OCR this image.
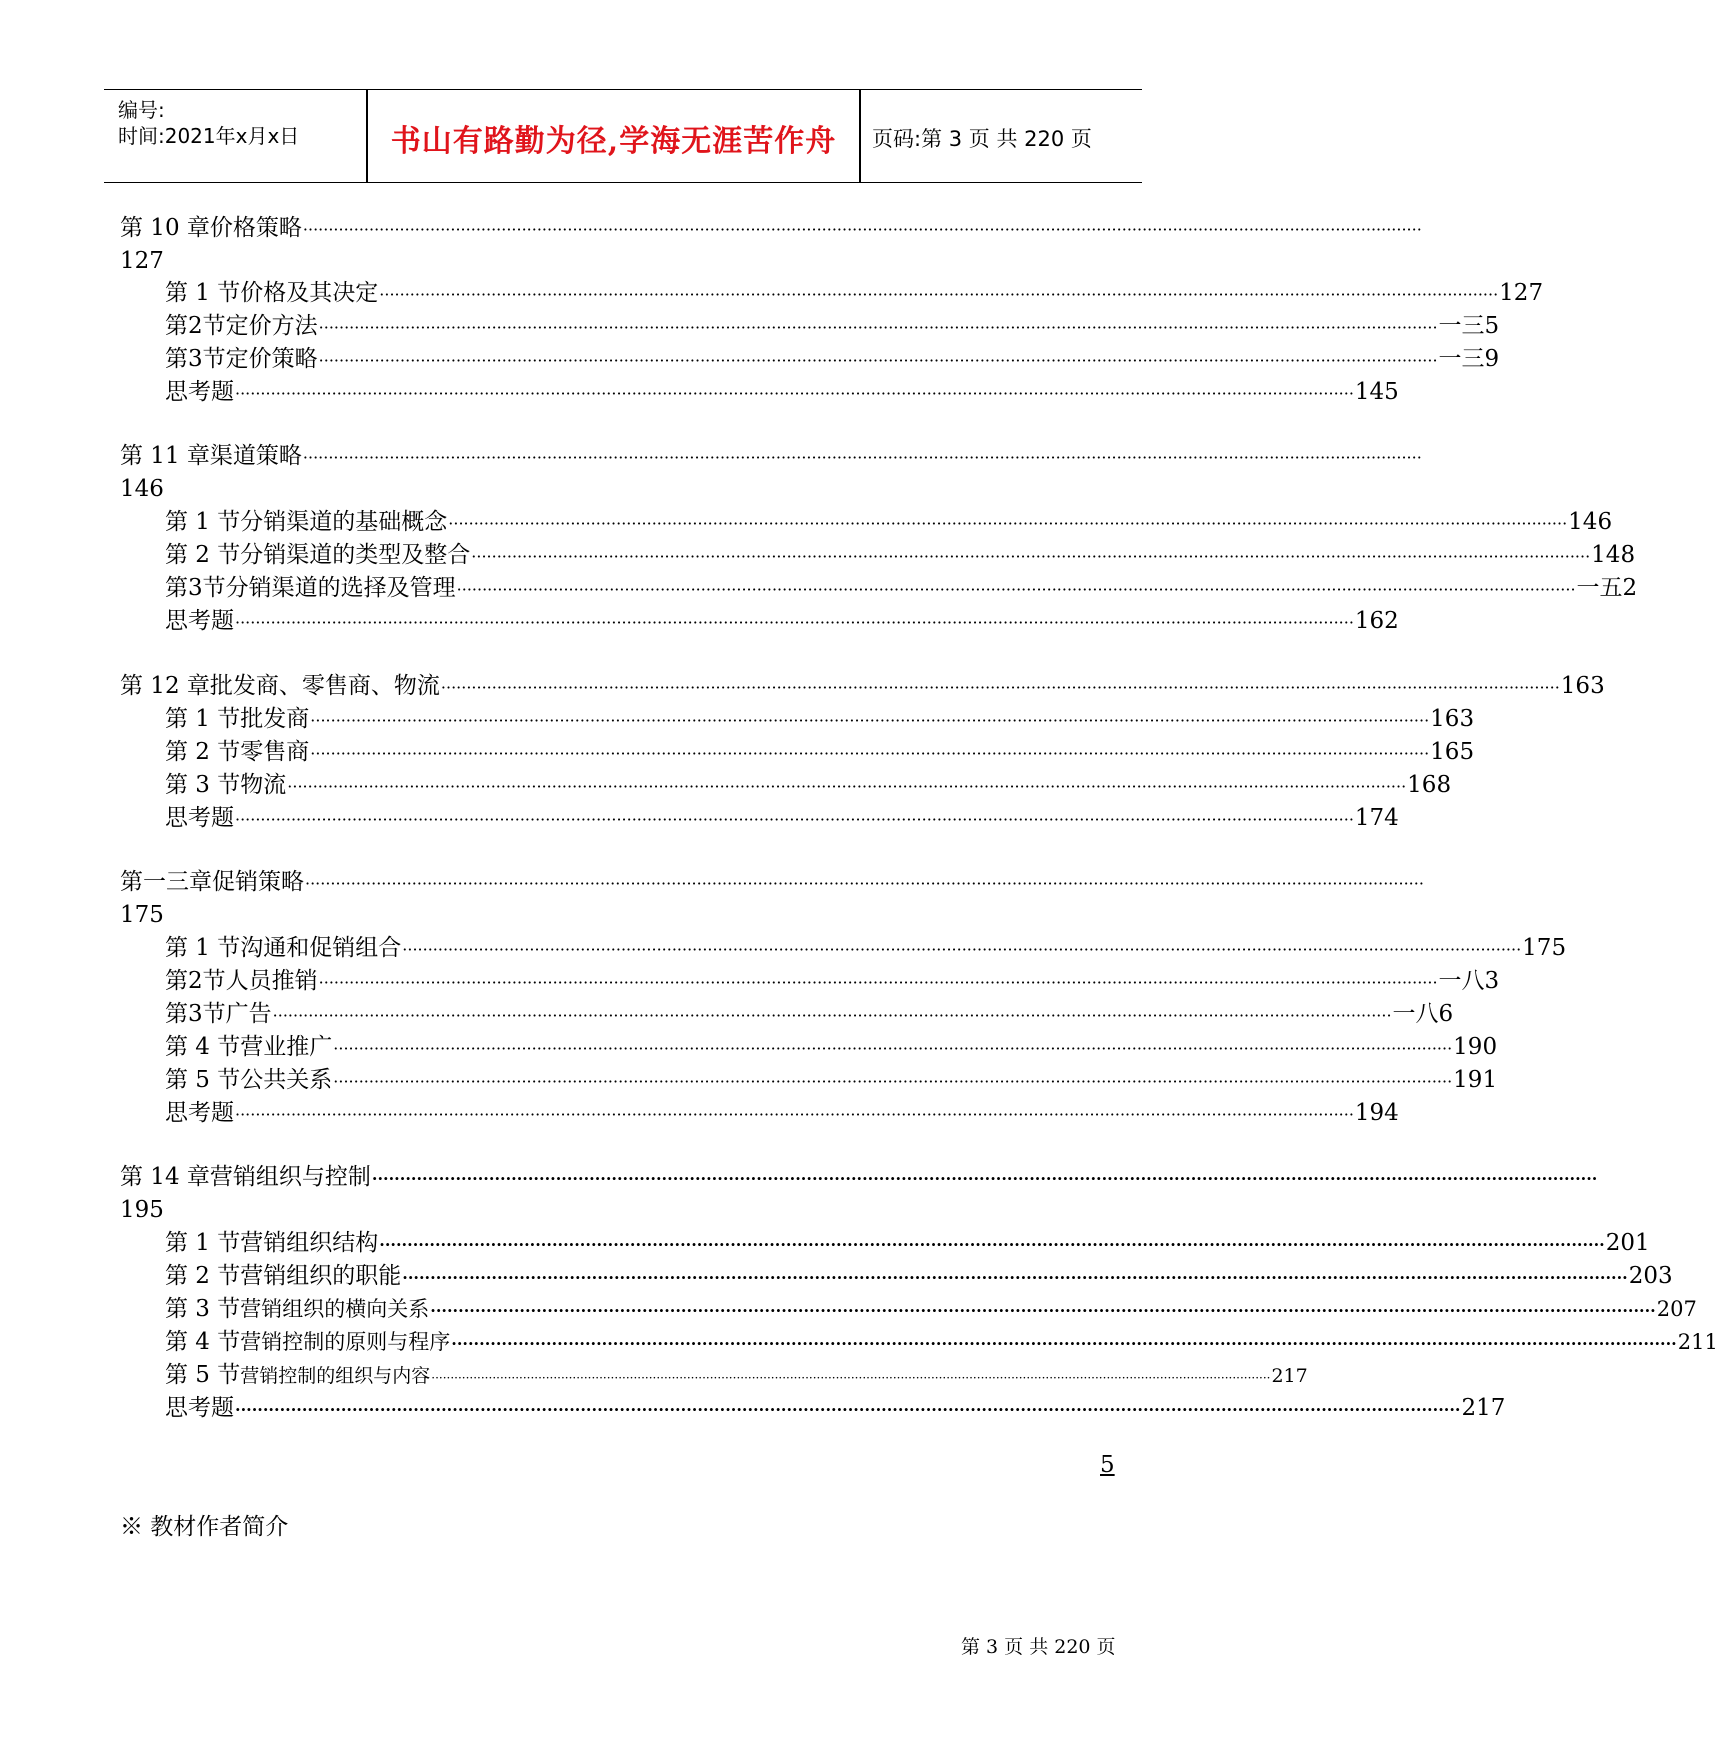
编号:
时间:2021年x月x日	书山有路勤为径,学海无涯苦作舟	页码:第 3 页 共 220 页
第 10 章 价格策略 ····························································································································································································································
127
第 1 节 价格及其决定 ···························································································································································································································· 127
第2节 定价方法 ···························································································································································································································· 一三5
第3节 定价策略 ···························································································································································································································· 一三9
思考题 ···························································································································································································································· 145
第 11 章 渠道策略 ····························································································································································································································
146
第 1 节 分销渠道的基础概念 ···························································································································································································································· 146
第 2 节 分销渠道的类型及整合 ···························································································································································································································· 148
第3节 分销渠道的选择及管理 ···························································································································································································································· 一五2
思考题 ···························································································································································································································· 162
第 12 章 批发商、零售商、物流 ···························································································································································································································· 163
第 1 节 批发商 ···························································································································································································································· 163
第 2 节 零售商 ···························································································································································································································· 165
第 3 节 物流 ···························································································································································································································· 168
思考题 ···························································································································································································································· 174
第一三章 促销策略 ····························································································································································································································
175
第 1 节 沟通和促销组合 ···························································································································································································································· 175
第2节 人员推销 ···························································································································································································································· 一八3
第3节 广告 ···························································································································································································································· 一八6
第 4 节 营业推广 ···························································································································································································································· 190
第 5 节 公共关系 ···························································································································································································································· 191
思考题 ···························································································································································································································· 194
第 14 章 营销组织与控制 ····························································································································································································································
195
第 1 节 营销组织结构 ···························································································································································································································· 201
第 2 节 营销组织的职能 ···························································································································································································································· 203
第 3 节 营销组织的横向关系 ···························································································································································································································· 207
第 4 节 营销控制的原则与程序 ···························································································································································································································· 211
第 5 节 营销控制的组织与内容 ···························································································································································································································· 217
思考题 ···························································································································································································································· 217
5
※ 教材作者简介
第 3 页 共 220 页
